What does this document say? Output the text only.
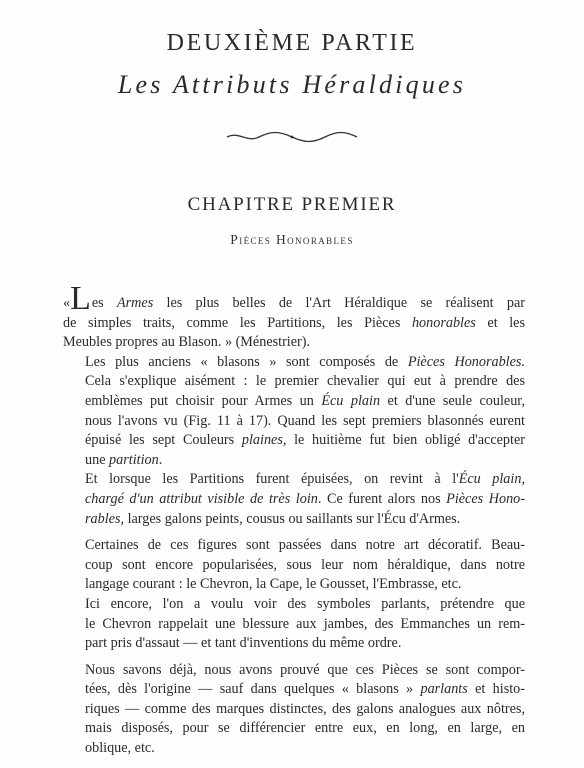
DEUXIÈME PARTIE
Les Attributs Héraldiques
CHAPITRE PREMIER
Pièces Honorables

«Les Armes les plus belles de l'Art Héraldique se réalisent par
de simples traits, comme les Partitions, les Pièces honorables et les
Meubles propres au Blason. » (Ménestrier).

Les plus anciens « blasons » sont composés de Pièces Honorables.
Cela s'explique aisément : le premier chevalier qui eut à prendre des
emblèmes put choisir pour Armes un Écu plain et d'une seule couleur,
nous l'avons vu (Fig. 11 à 17). Quand les sept premiers blasonnés eurent
épuisé les sept Couleurs plaines, le huitième fut bien obligé d'accepter
une partition.

Et lorsque les Partitions furent épuisées, on revint à l'Écu plain,
chargé d'un attribut visible de très loin. Ce furent alors nos Pièces Hono-
rables, larges galons peints, cousus ou saillants sur l'Écu d'Armes.

Certaines de ces figures sont passées dans notre art décoratif. Beau-
coup sont encore popularisées, sous leur nom héraldique, dans notre
langage courant : le Chevron, la Cape, le Gousset, l'Embrasse, etc.

Ici encore, l'on a voulu voir des symboles parlants, prétendre que
le Chevron rappelait une blessure aux jambes, des Emmanches un rem-
part pris d'assaut — et tant d'inventions du même ordre.

Nous savons déjà, nous avons prouvé que ces Pièces se sont compor-
tées, dès l'origine — sauf dans quelques « blasons » parlants et histo-
riques — comme des marques distinctes, des galons analogues aux nôtres,
mais disposés, pour se différencier entre eux, en long, en large, en
oblique, etc.
